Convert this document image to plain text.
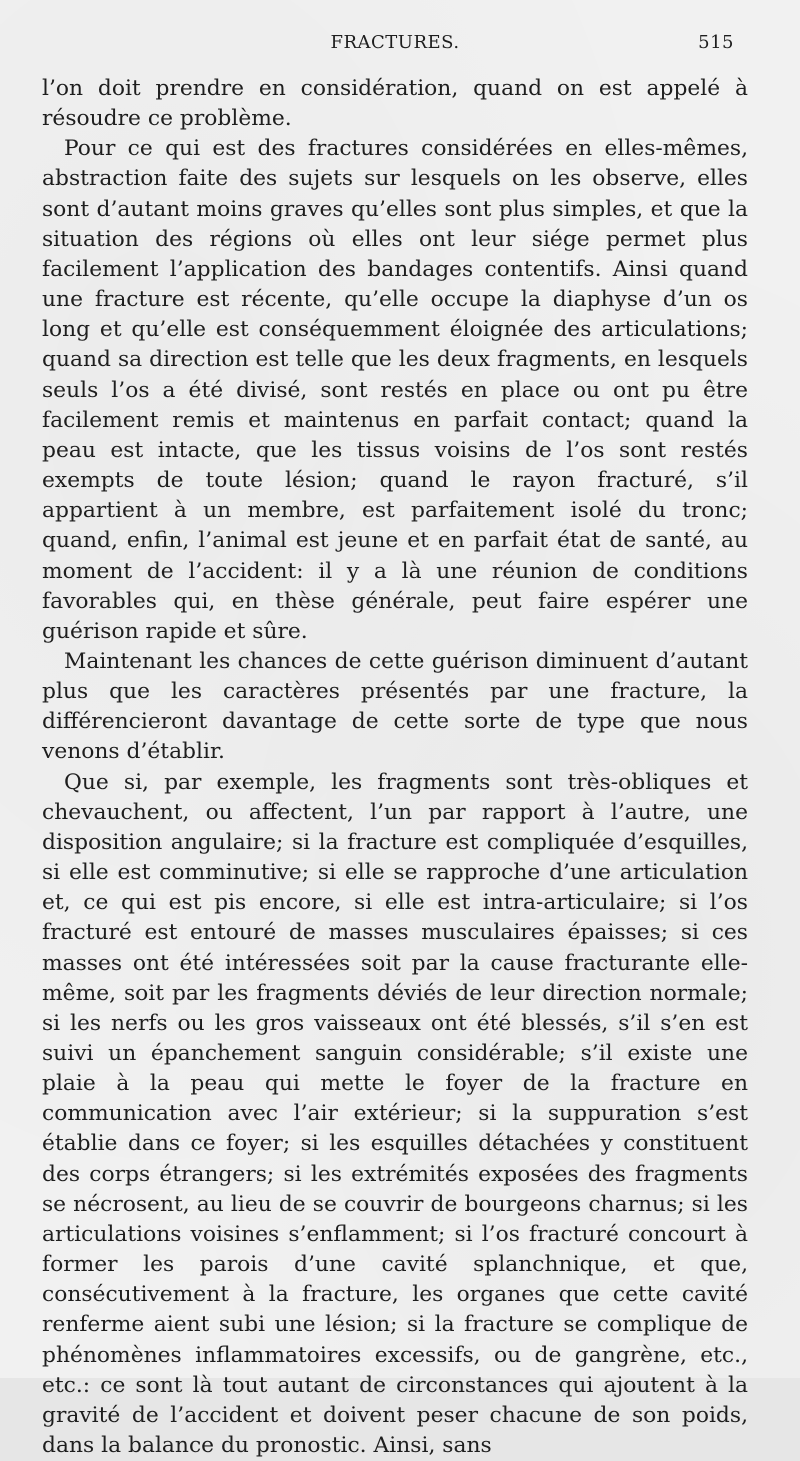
FRACTURES.	515

l’on doit prendre en considération, quand on est appelé à résoudre ce problème.

Pour ce qui est des fractures considérées en elles-mêmes, abstraction faite des sujets sur lesquels on les observe, elles sont d’autant moins graves qu’elles sont plus simples, et que la situation des régions où elles ont leur siége permet plus facilement l’application des bandages contentifs. Ainsi quand une fracture est récente, qu’elle occupe la diaphyse d’un os long et qu’elle est conséquemment éloignée des articulations; quand sa direction est telle que les deux fragments, en lesquels seuls l’os a été divisé, sont restés en place ou ont pu être facilement remis et maintenus en parfait contact; quand la peau est intacte, que les tissus voisins de l’os sont restés exempts de toute lésion; quand le rayon fracturé, s’il appartient à un membre, est parfaitement isolé du tronc; quand, enfin, l’animal est jeune et en parfait état de santé, au moment de l’accident: il y a là une réunion de conditions favorables qui, en thèse générale, peut faire espérer une guérison rapide et sûre.

Maintenant les chances de cette guérison diminuent d’autant plus que les caractères présentés par une fracture, la différencieront davantage de cette sorte de type que nous venons d’établir.

Que si, par exemple, les fragments sont très-obliques et chevauchent, ou affectent, l’un par rapport à l’autre, une disposition angulaire; si la fracture est compliquée d’esquilles, si elle est comminutive; si elle se rapproche d’une articulation et, ce qui est pis encore, si elle est intra-articulaire; si l’os fracturé est entouré de masses musculaires épaisses; si ces masses ont été intéressées soit par la cause fracturante elle-même, soit par les fragments déviés de leur direction normale; si les nerfs ou les gros vaisseaux ont été blessés, s’il s’en est suivi un épanchement sanguin considérable; s’il existe une plaie à la peau qui mette le foyer de la fracture en communication avec l’air extérieur; si la suppuration s’est établie dans ce foyer; si les esquilles détachées y constituent des corps étrangers; si les extrémités exposées des fragments se nécrosent, au lieu de se couvrir de bourgeons charnus; si les articulations voisines s’enflamment; si l’os fracturé concourt à former les parois d’une cavité splanchnique, et que, consécutivement à la fracture, les organes que cette cavité renferme aient subi une lésion; si la fracture se complique de phénomènes inflammatoires excessifs, ou de gangrène, etc., etc.: ce sont là tout autant de circonstances qui ajoutent à la gravité de l’accident et doivent peser chacune de son poids, dans la balance du pronostic. Ainsi, sans
